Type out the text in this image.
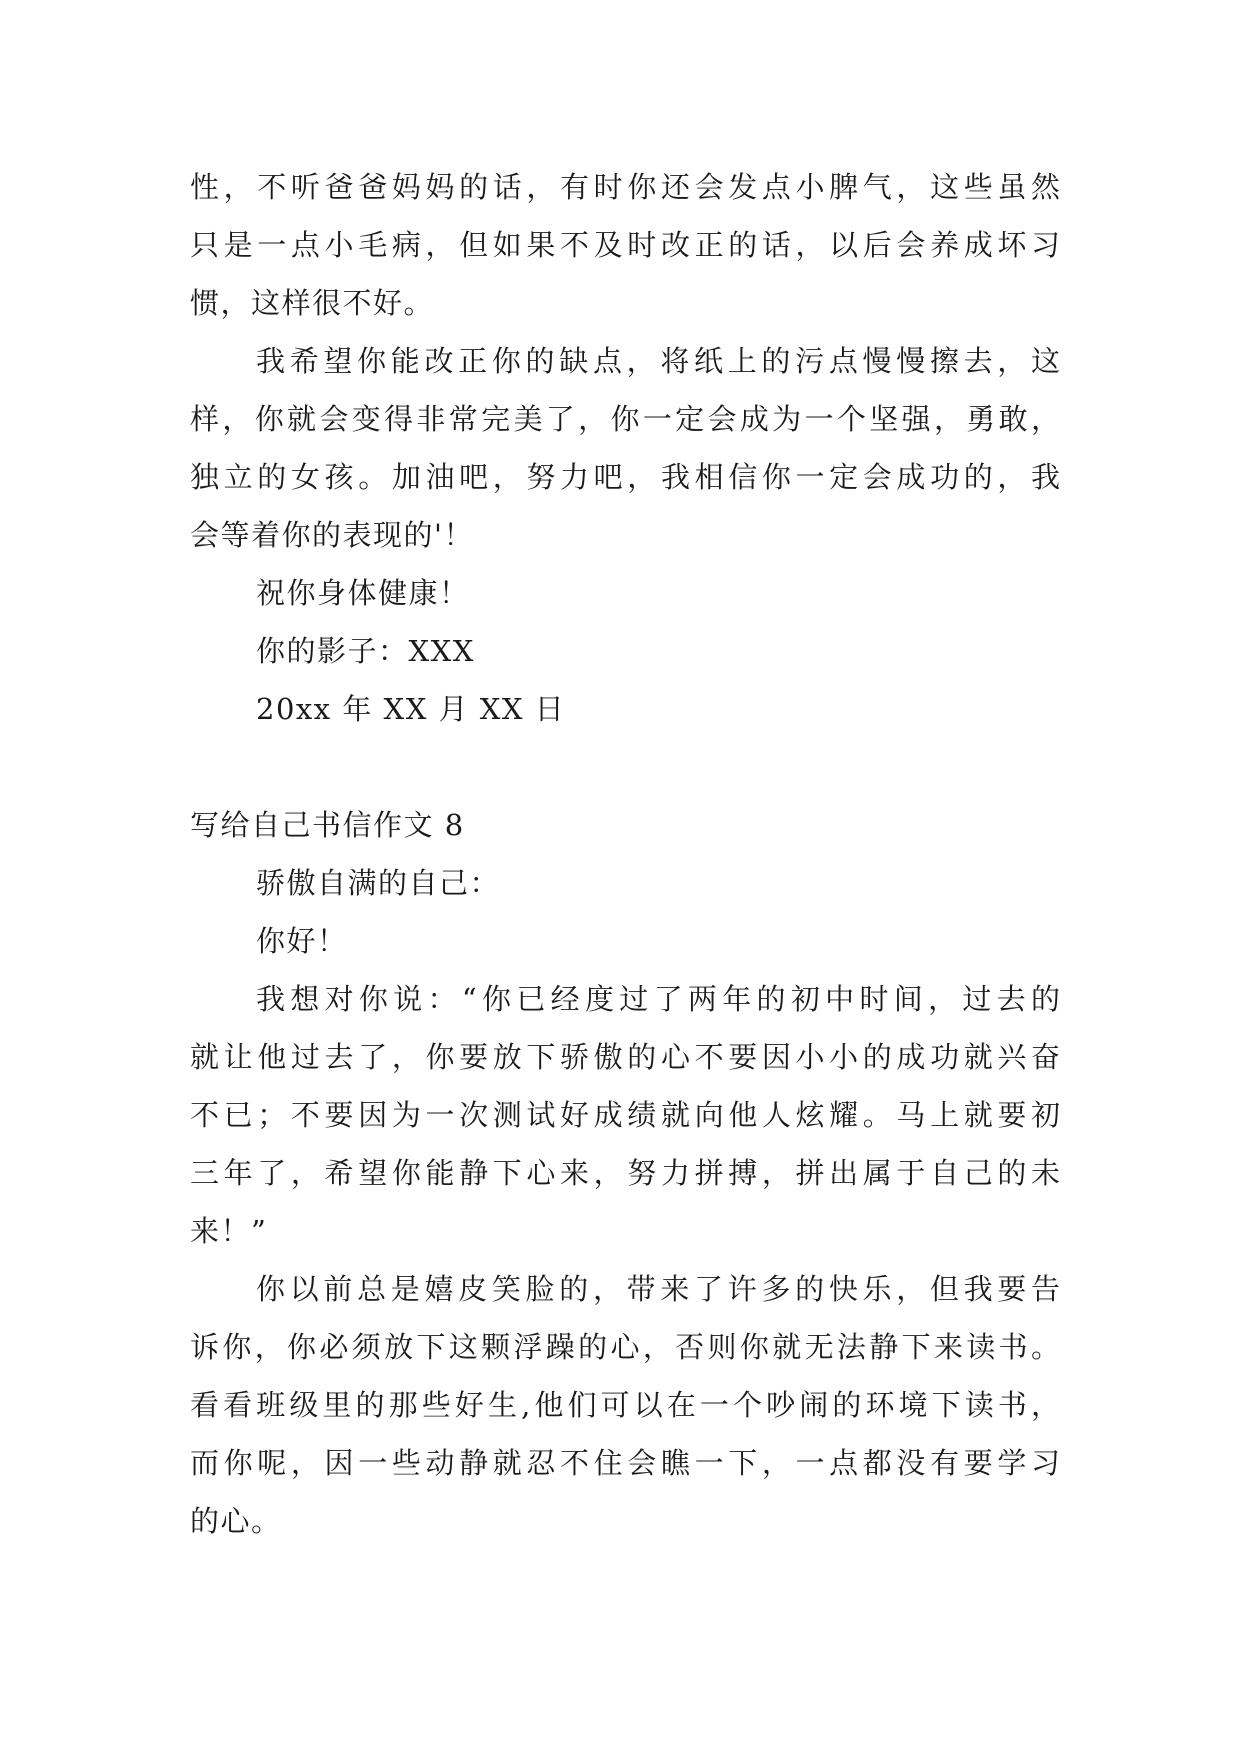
性，不听爸爸妈妈的话，有时你还会发点小脾气，这些虽然
只是一点小毛病，但如果不及时改正的话，以后会养成坏习
惯，这样很不好。
我希望你能改正你的缺点，将纸上的污点慢慢擦去，这
样，你就会变得非常完美了，你一定会成为一个坚强，勇敢，
独立的女孩。加油吧，努力吧，我相信你一定会成功的，我
会等着你的表现的'！
祝你身体健康！
你的影子：XXX
20xx 年 XX 月 XX 日
写给自己书信作文 8
骄傲自满的自己：
你好！
我想对你说：“你已经度过了两年的初中时间，过去的
就让他过去了，你要放下骄傲的心不要因小小的成功就兴奋
不已；不要因为一次测试好成绩就向他人炫耀。马上就要初
三年了，希望你能静下心来，努力拼搏，拼出属于自己的未
来！”
你以前总是嬉皮笑脸的，带来了许多的快乐，但我要告
诉你，你必须放下这颗浮躁的心，否则你就无法静下来读书。
看看班级里的那些好生,他们可以在一个吵闹的环境下读书，
而你呢，因一些动静就忍不住会瞧一下，一点都没有要学习
的心。
